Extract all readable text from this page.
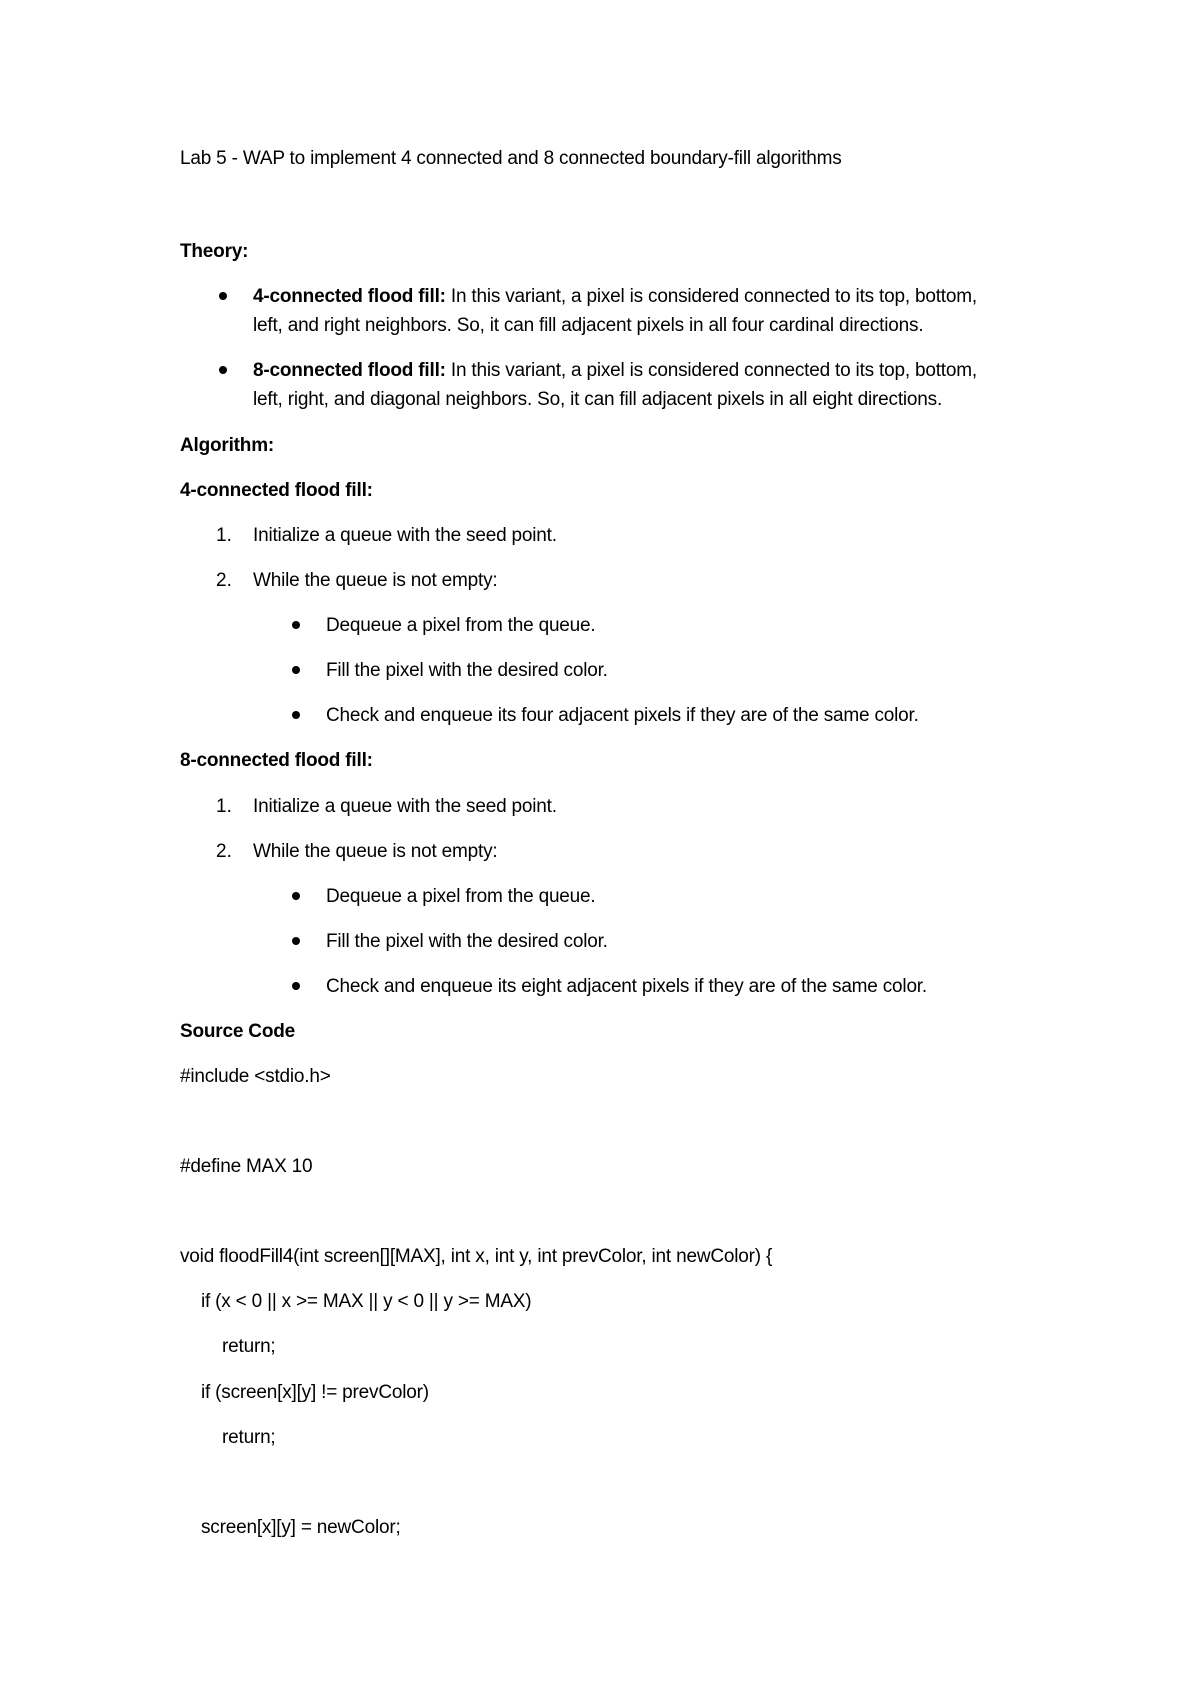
Lab 5 - WAP to implement 4 connected and 8 connected boundary-fill algorithms
Theory:
4-connected flood fill: In this variant, a pixel is considered connected to its top, bottom,
left, and right neighbors. So, it can fill adjacent pixels in all four cardinal directions.
8-connected flood fill: In this variant, a pixel is considered connected to its top, bottom,
left, right, and diagonal neighbors. So, it can fill adjacent pixels in all eight directions.
Algorithm:
4-connected flood fill:
1. Initialize a queue with the seed point.
2. While the queue is not empty:
Dequeue a pixel from the queue.
Fill the pixel with the desired color.
Check and enqueue its four adjacent pixels if they are of the same color.
8-connected flood fill:
1. Initialize a queue with the seed point.
2. While the queue is not empty:
Dequeue a pixel from the queue.
Fill the pixel with the desired color.
Check and enqueue its eight adjacent pixels if they are of the same color.
Source Code
#include <stdio.h>
#define MAX 10
void floodFill4(int screen[][MAX], int x, int y, int prevColor, int newColor) {
if (x < 0 || x >= MAX || y < 0 || y >= MAX)
return;
if (screen[x][y] != prevColor)
return;
screen[x][y] = newColor;
